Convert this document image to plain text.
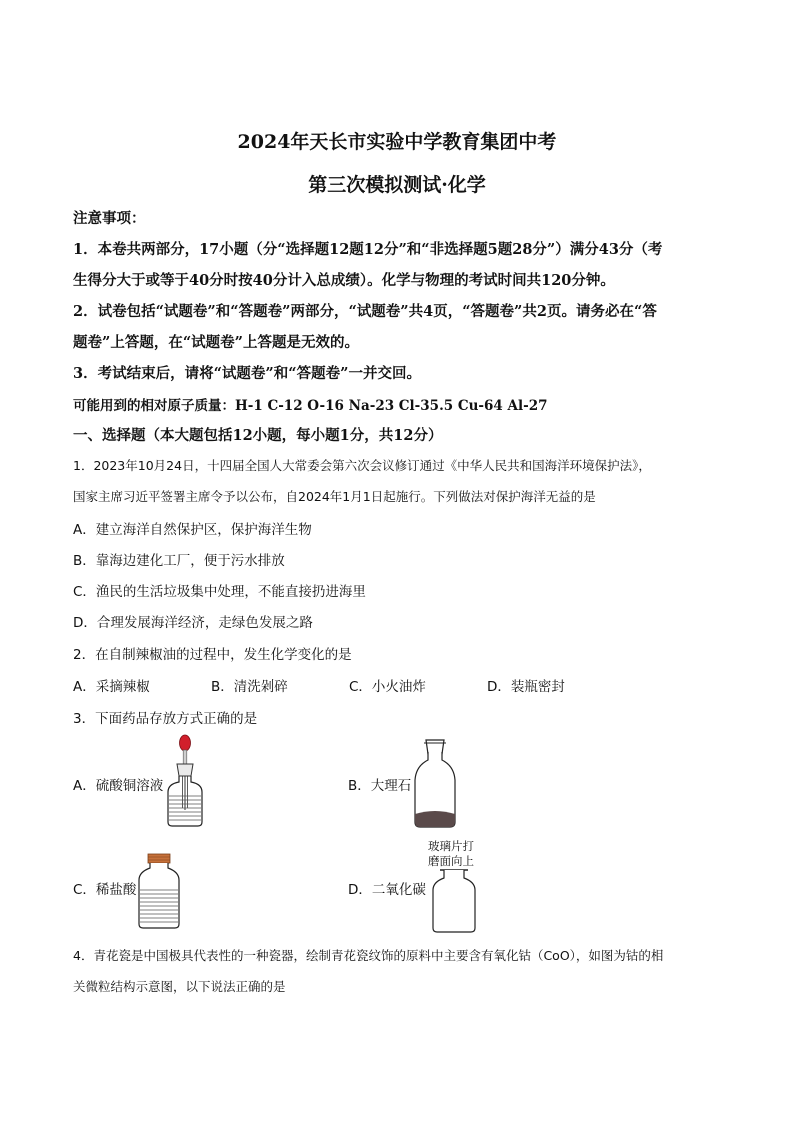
2024年天长市实验中学教育集团中考
第三次模拟测试·化学
注意事项：
1．本卷共两部分，17小题（分“选择题12题12分”和“非选择题5题28分”）满分43分（考
生得分大于或等于40分时按40分计入总成绩）。化学与物理的考试时间共120分钟。
2．试卷包括“试题卷”和“答题卷”两部分，“试题卷”共4页，“答题卷”共2页。请务必在“答
题卷”上答题，在“试题卷”上答题是无效的。
3．考试结束后，请将“试题卷”和“答题卷”一并交回。
可能用到的相对原子质量：H-1 C-12 O-16 Na-23 Cl-35.5 Cu-64 Al-27
一、选择题（本大题包括12小题，每小题1分，共12分）
1．2023年10月24日，十四届全国人大常委会第六次会议修订通过《中华人民共和国海洋环境保护法》，
国家主席习近平签署主席令予以公布，自2024年1月1日起施行。下列做法对保护海洋无益的是
A．建立海洋自然保护区，保护海洋生物
B．靠海边建化工厂，便于污水排放
C．渔民的生活垃圾集中处理，不能直接扔进海里
D．合理发展海洋经济，走绿色发展之路
2．在自制辣椒油的过程中，发生化学变化的是
A．采摘辣椒	B．清洗剁碎	C．小火油炸	D．装瓶密封
3．下面药品存放方式正确的是
A．硫酸铜溶液	B．大理石
C．稀盐酸	D．二氧化碳
玻璃片打
磨面向上
4．青花瓷是中国极具代表性的一种瓷器，绘制青花瓷纹饰的原料中主要含有氧化钴（CoO），如图为钴的相
关微粒结构示意图，以下说法正确的是
